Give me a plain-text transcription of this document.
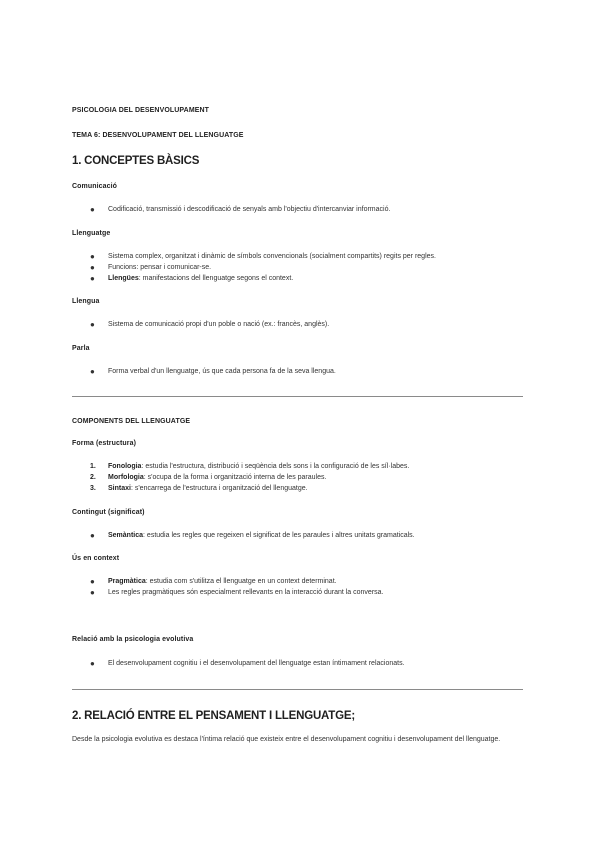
PSICOLOGIA DEL DESENVOLUPAMENT
TEMA 6: DESENVOLUPAMENT DEL LLENGUATGE
1. CONCEPTES BÀSICS
Comunicació
● Codificació, transmissió i descodificació de senyals amb l'objectiu d'intercanviar informació.
Llenguatge
● Sistema complex, organitzat i dinàmic de símbols convencionals (socialment compartits) regits per regles.
● Funcions: pensar i comunicar-se.
● Llengües: manifestacions del llenguatge segons el context.
Llengua
● Sistema de comunicació propi d'un poble o nació (ex.: francès, anglès).
Parla
● Forma verbal d'un llenguatge, ús que cada persona fa de la seva llengua.
COMPONENTS DEL LLENGUATGE
Forma (estructura)
1. Fonologia: estudia l'estructura, distribució i seqüència dels sons i la configuració de les síl·labes.
2. Morfologia: s'ocupa de la forma i organització interna de les paraules.
3. Sintaxi: s'encarrega de l'estructura i organització del llenguatge.
Contingut (significat)
● Semàntica: estudia les regles que regeixen el significat de les paraules i altres unitats gramaticals.
Ús en context
● Pragmàtica: estudia com s'utilitza el llenguatge en un context determinat.
● Les regles pragmàtiques són especialment rellevants en la interacció durant la conversa.
Relació amb la psicologia evolutiva
● El desenvolupament cognitiu i el desenvolupament del llenguatge estan íntimament relacionats.
2. RELACIÓ ENTRE EL PENSAMENT I LLENGUATGE;
Desde la psicologia evolutiva es destaca l'íntima relació que existeix entre el desenvolupament cognitiu i desenvolupament del llenguatge.
